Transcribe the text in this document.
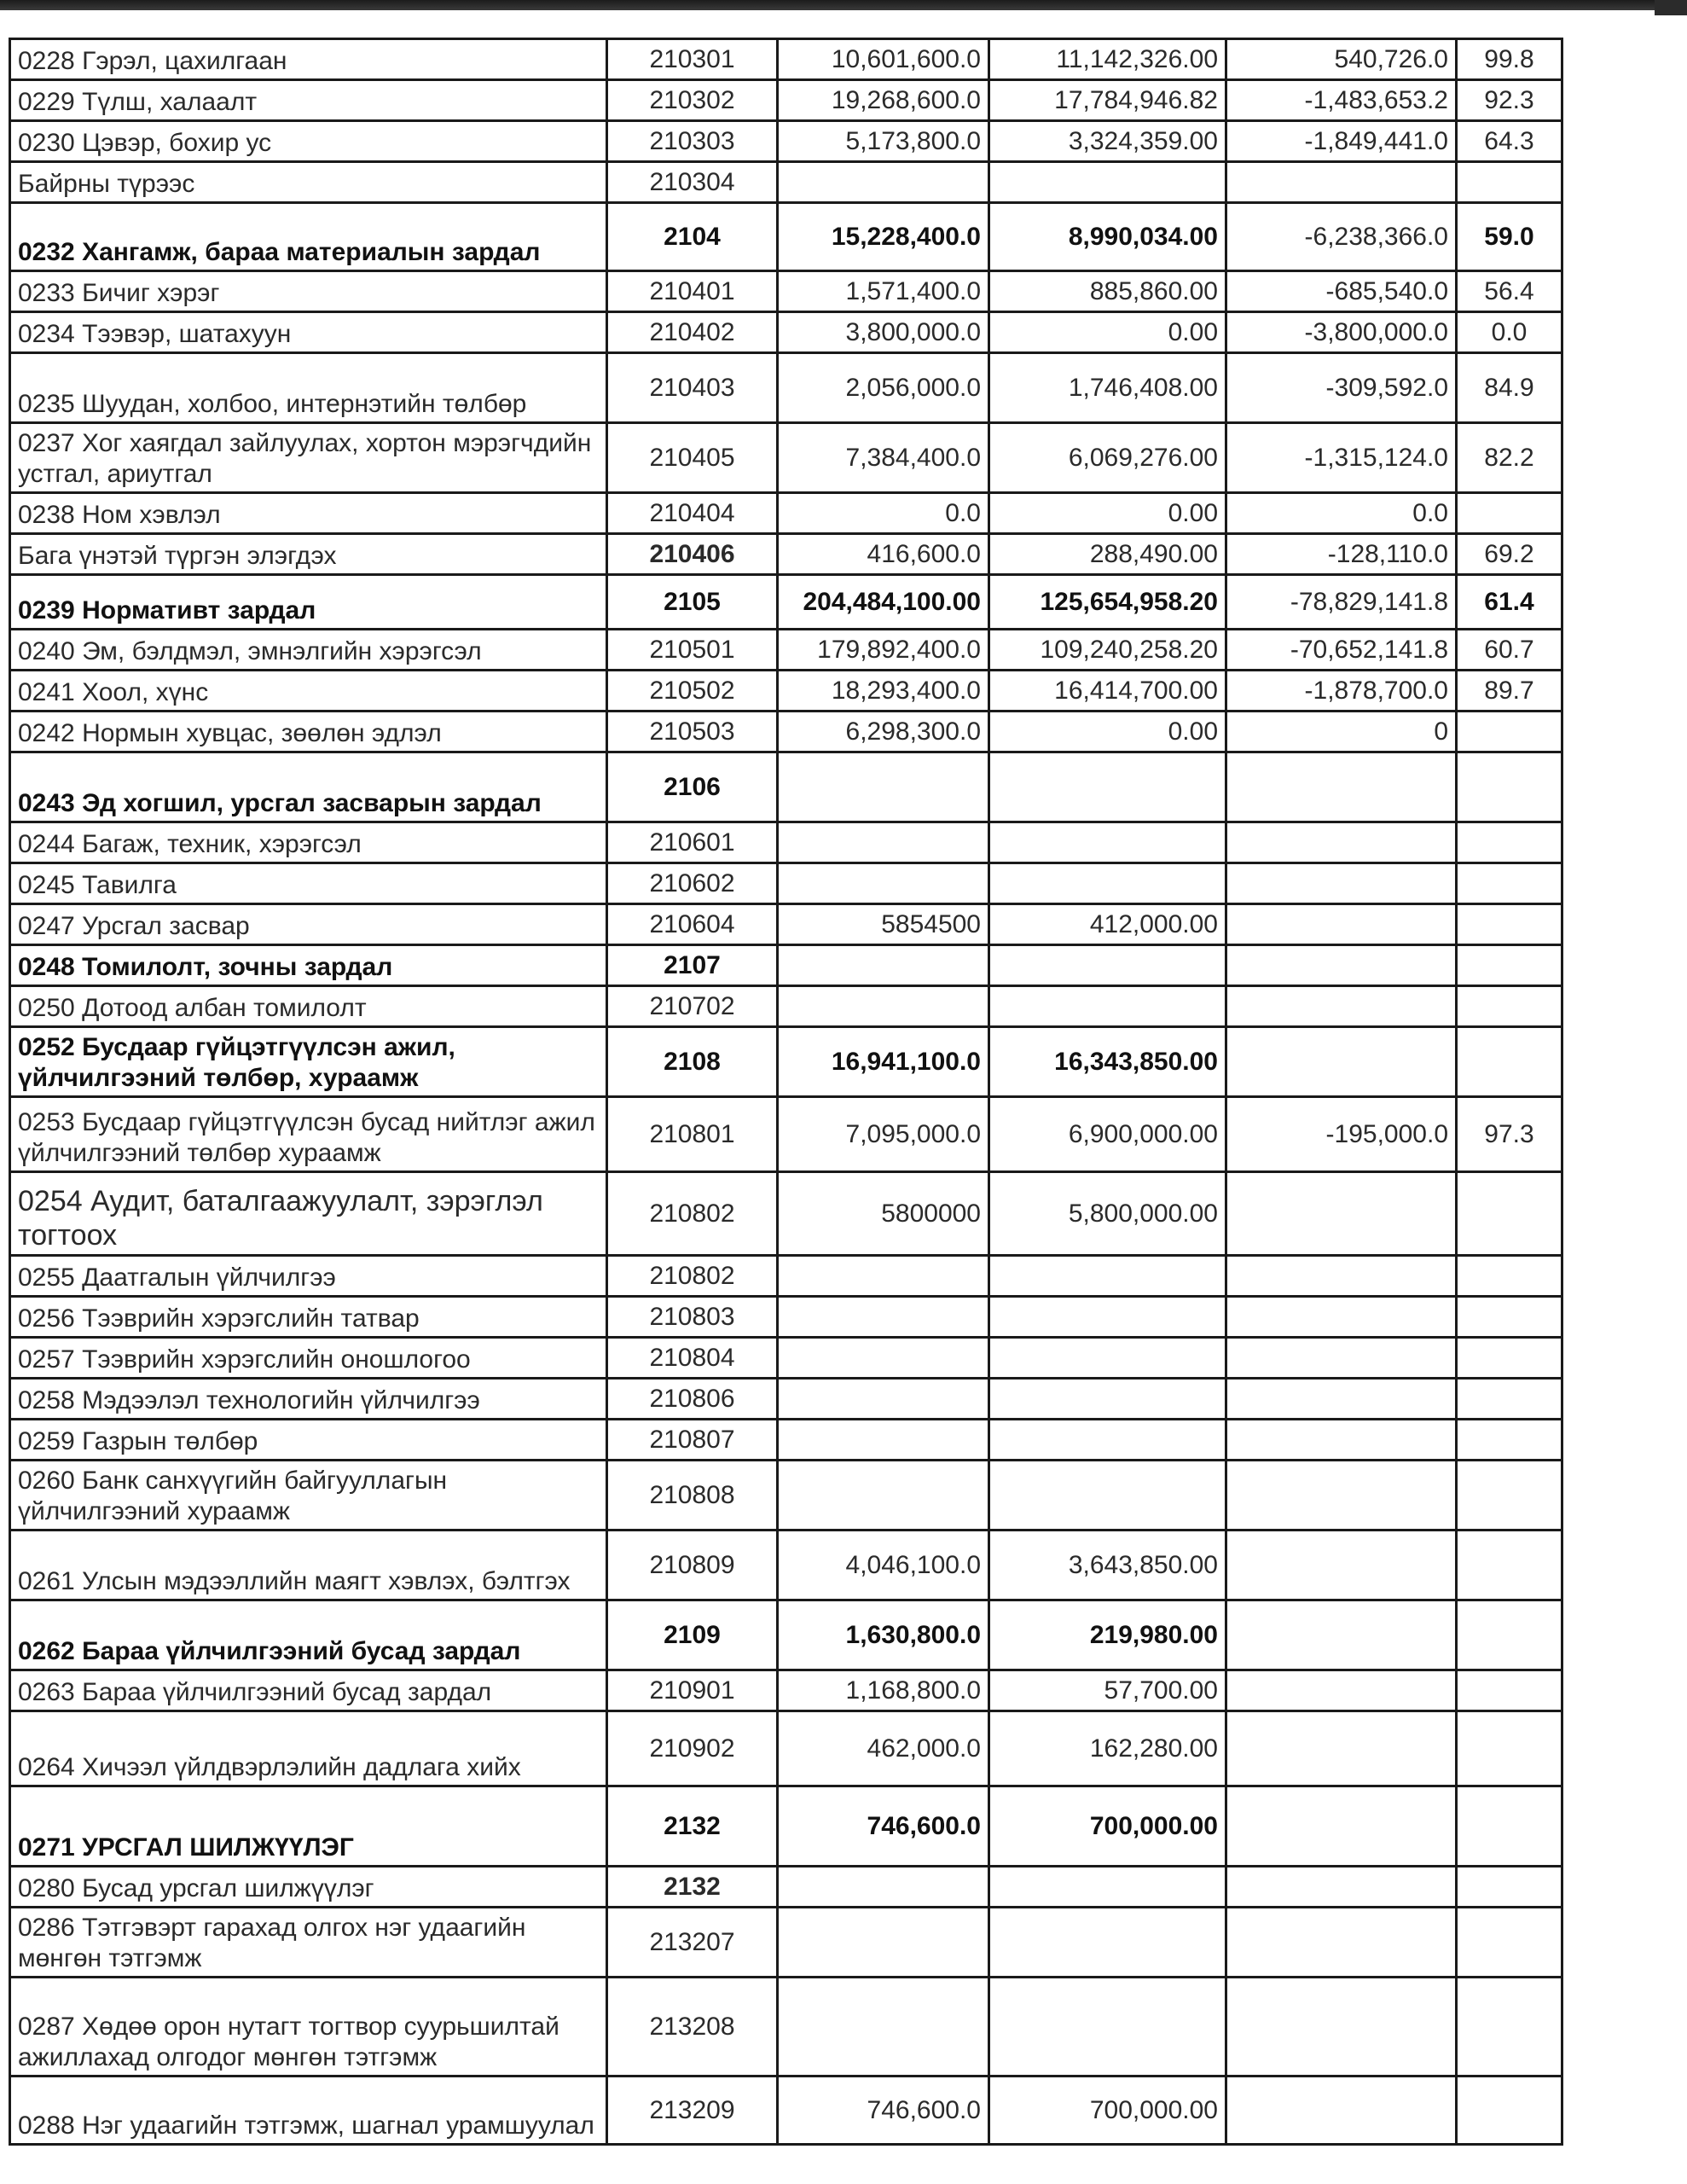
0228 Гэрэл, цахилгаан	210301	10,601,600.0	11,142,326.00	540,726.0	99.8
0229 Түлш, халаалт	210302	19,268,600.0	17,784,946.82	-1,483,653.2	92.3
0230 Цэвэр, бохир ус	210303	5,173,800.0	3,324,359.00	-1,849,441.0	64.3
Байрны түрээс	210304				
0232 Хангамж, бараа материалын зардал	2104	15,228,400.0	8,990,034.00	-6,238,366.0	59.0
0233 Бичиг хэрэг	210401	1,571,400.0	885,860.00	-685,540.0	56.4
0234 Тээвэр, шатахуун	210402	3,800,000.0	0.00	-3,800,000.0	0.0
0235 Шуудан, холбоо, интернэтийн төлбөр	210403	2,056,000.0	1,746,408.00	-309,592.0	84.9
0237 Хог хаягдал зайлуулах, хортон мэрэгчдийн устгал, ариутгал	210405	7,384,400.0	6,069,276.00	-1,315,124.0	82.2
0238 Ном хэвлэл	210404	0.0	0.00	0.0	
Бага үнэтэй түргэн элэгдэх	210406	416,600.0	288,490.00	-128,110.0	69.2
0239 Нормативт зардал	2105	204,484,100.00	125,654,958.20	-78,829,141.8	61.4
0240 Эм, бэлдмэл, эмнэлгийн хэрэгсэл	210501	179,892,400.0	109,240,258.20	-70,652,141.8	60.7
0241 Хоол, хүнс	210502	18,293,400.0	16,414,700.00	-1,878,700.0	89.7
0242 Нормын хувцас, зөөлөн эдлэл	210503	6,298,300.0	0.00	0	
0243 Эд хогшил, урсгал засварын зардал	2106				
0244 Багаж, техник, хэрэгсэл	210601				
0245 Тавилга	210602				
0247 Урсгал засвар	210604	5854500	412,000.00		
0248 Томилолт, зочны зардал	2107				
0250 Дотоод албан томилолт	210702				
0252 Бусдаар гүйцэтгүүлсэн ажил, үйлчилгээний төлбөр, хураамж	2108	16,941,100.0	16,343,850.00		
0253 Бусдаар гүйцэтгүүлсэн бусад нийтлэг ажил үйлчилгээний төлбөр хураамж	210801	7,095,000.0	6,900,000.00	-195,000.0	97.3
0254 Аудит, баталгаажуулалт, зэрэглэл тогтоох	210802	5800000	5,800,000.00		
0255 Даатгалын үйлчилгээ	210802				
0256 Тээврийн хэрэгслийн татвар	210803				
0257 Тээврийн хэрэгслийн оношлогоо	210804				
0258 Мэдээлэл технологийн үйлчилгээ	210806				
0259 Газрын төлбөр	210807				
0260 Банк санхүүгийн байгууллагын үйлчилгээний хураамж	210808				
0261 Улсын мэдээллийн маягт хэвлэх, бэлтгэх	210809	4,046,100.0	3,643,850.00		
0262 Бараа үйлчилгээний бусад зардал	2109	1,630,800.0	219,980.00		
0263 Бараа үйлчилгээний бусад зардал	210901	1,168,800.0	57,700.00		
0264 Хичээл үйлдвэрлэлийн дадлага хийх	210902	462,000.0	162,280.00		
0271 УРСГАЛ ШИЛЖҮҮЛЭГ	2132	746,600.0	700,000.00		
0280 Бусад урсгал шилжүүлэг	2132				
0286 Тэтгэвэрт гарахад олгох нэг удаагийн мөнгөн тэтгэмж	213207				
0287 Хөдөө орон нутагт тогтвор суурьшилтай ажиллахад олгодог мөнгөн тэтгэмж	213208				
0288 Нэг удаагийн тэтгэмж, шагнал урамшуулал	213209	746,600.0	700,000.00		
